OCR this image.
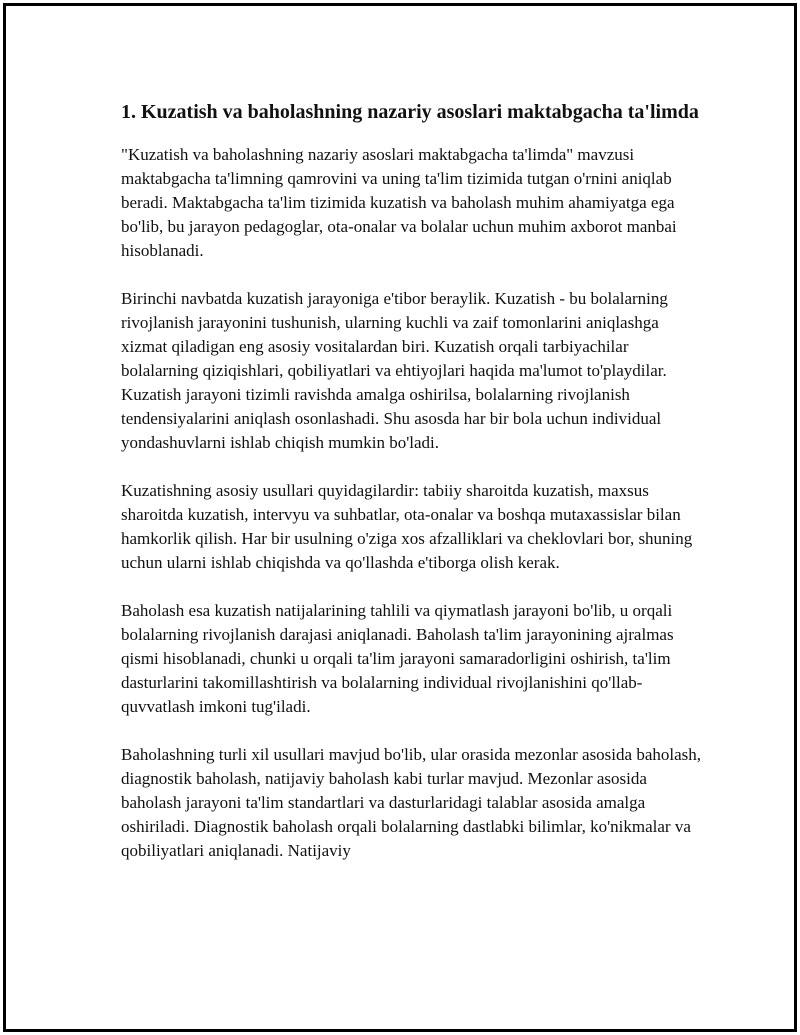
1. Kuzatish va baholashning nazariy asoslari maktabgacha ta'limda

"Kuzatish va baholashning nazariy asoslari maktabgacha ta'limda" mavzusi maktabgacha ta'limning qamrovini va uning ta'lim tizimida tutgan o'rnini aniqlab beradi. Maktabgacha ta'lim tizimida kuzatish va baholash muhim ahamiyatga ega bo'lib, bu jarayon pedagoglar, ota-onalar va bolalar uchun muhim axborot manbai hisoblanadi.

Birinchi navbatda kuzatish jarayoniga e'tibor beraylik. Kuzatish - bu bolalarning rivojlanish jarayonini tushunish, ularning kuchli va zaif tomonlarini aniqlashga xizmat qiladigan eng asosiy vositalardan biri. Kuzatish orqali tarbiyachilar bolalarning qiziqishlari, qobiliyatlari va ehtiyojlari haqida ma'lumot to'playdilar. Kuzatish jarayoni tizimli ravishda amalga oshirilsa, bolalarning rivojlanish tendensiyalarini aniqlash osonlashadi. Shu asosda har bir bola uchun individual yondashuvlarni ishlab chiqish mumkin bo'ladi.

Kuzatishning asosiy usullari quyidagilardir: tabiiy sharoitda kuzatish, maxsus sharoitda kuzatish, intervyu va suhbatlar, ota-onalar va boshqa mutaxassislar bilan hamkorlik qilish. Har bir usulning o'ziga xos afzalliklari va cheklovlari bor, shuning uchun ularni ishlab chiqishda va qo'llashda e'tiborga olish kerak.

Baholash esa kuzatish natijalarining tahlili va qiymatlash jarayoni bo'lib, u orqali bolalarning rivojlanish darajasi aniqlanadi. Baholash ta'lim jarayonining ajralmas qismi hisoblanadi, chunki u orqali ta'lim jarayoni samaradorligini oshirish, ta'lim dasturlarini takomillashtirish va bolalarning individual rivojlanishini qo'llab-quvvatlash imkoni tug'iladi.

Baholashning turli xil usullari mavjud bo'lib, ular orasida mezonlar asosida baholash, diagnostik baholash, natijaviy baholash kabi turlar mavjud. Mezonlar asosida baholash jarayoni ta'lim standartlari va dasturlaridagi talablar asosida amalga oshiriladi. Diagnostik baholash orqali bolalarning dastlabki bilimlar, ko'nikmalar va qobiliyatlari aniqlanadi. Natijaviy
